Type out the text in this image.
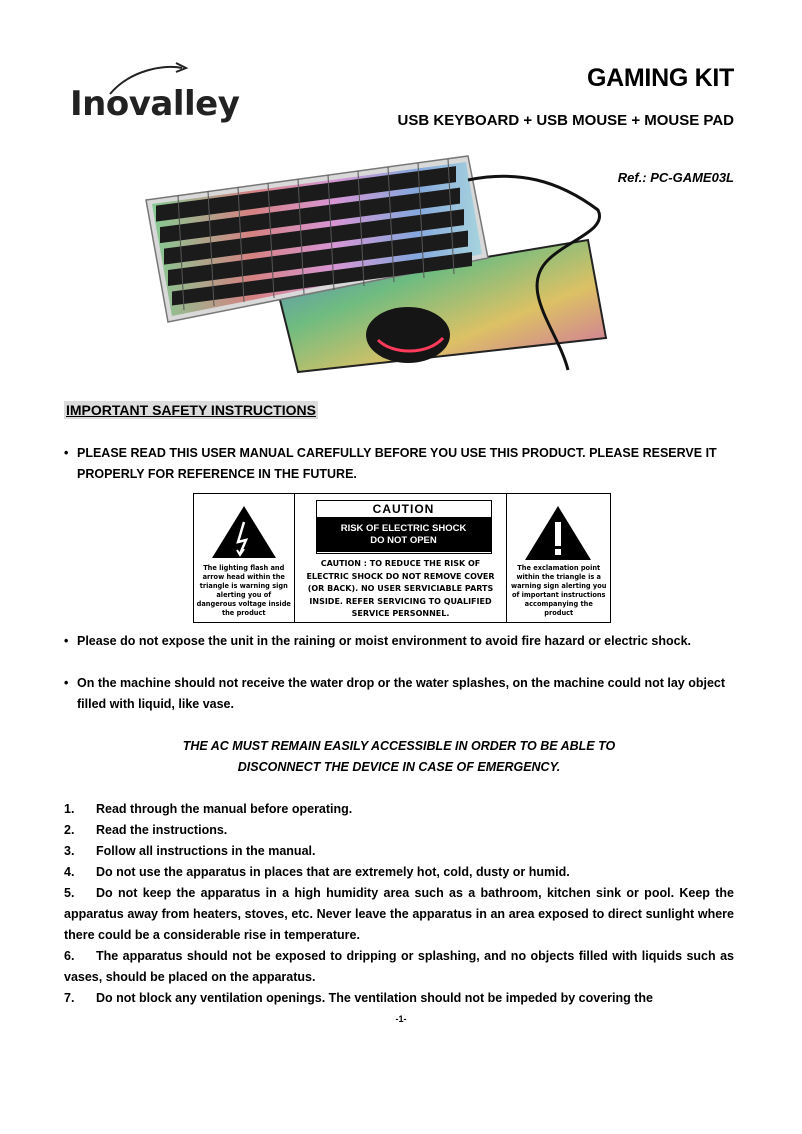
Inovalley
GAMING KIT
USB KEYBOARD + USB MOUSE + MOUSE PAD
Ref.: PC-GAME03L
IMPORTANT SAFETY INSTRUCTIONS
• PLEASE READ THIS USER MANUAL CAREFULLY BEFORE YOU USE THIS PRODUCT. PLEASE RESERVE IT PROPERLY FOR REFERENCE IN THE FUTURE.
The lighting flash and arrow head within the triangle is warning sign alerting you of dangerous voltage inside the product
CAUTION
RISK OF ELECTRIC SHOCK
DO NOT OPEN
CAUTION : TO REDUCE THE RISK OF ELECTRIC SHOCK DO NOT REMOVE COVER (OR BACK). NO USER SERVICIABLE PARTS INSIDE. REFER SERVICING TO QUALIFIED SERVICE PERSONNEL.
The exclamation point within the triangle is a warning sign alerting you of important instructions accompanying the product
• Please do not expose the unit in the raining or moist environment to avoid fire hazard or electric shock.
• On the machine should not receive the water drop or the water splashes, on the machine could not lay object filled with liquid, like vase.
THE AC MUST REMAIN EASILY ACCESSIBLE IN ORDER TO BE ABLE TO
DISCONNECT THE DEVICE IN CASE OF EMERGENCY.
1. Read through the manual before operating.
2. Read the instructions.
3. Follow all instructions in the manual.
4. Do not use the apparatus in places that are extremely hot, cold, dusty or humid.
5. Do not keep the apparatus in a high humidity area such as a bathroom, kitchen sink or pool. Keep the apparatus away from heaters, stoves, etc. Never leave the apparatus in an area exposed to direct sunlight where there could be a considerable rise in temperature.
6. The apparatus should not be exposed to dripping or splashing, and no objects filled with liquids such as vases, should be placed on the apparatus.
7. Do not block any ventilation openings. The ventilation should not be impeded by covering the
-1-
